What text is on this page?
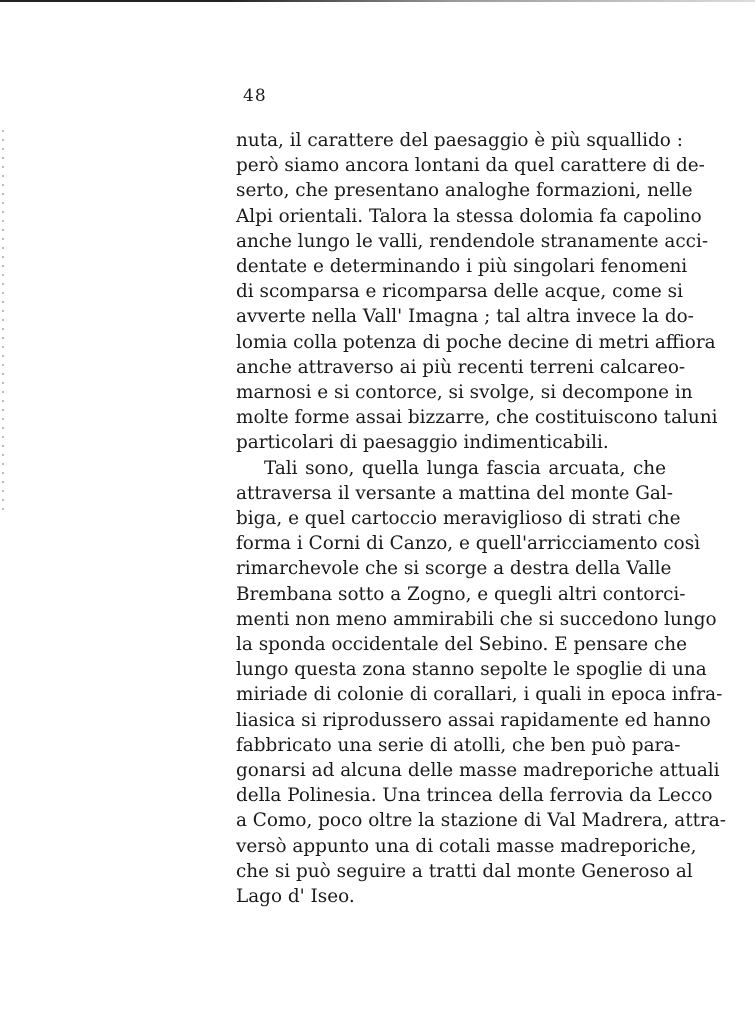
48
nuta, il carattere del paesaggio è più squallido :
però siamo ancora lontani da quel carattere di de-
serto, che presentano analoghe formazioni, nelle
Alpi orientali. Talora la stessa dolomia fa capolino
anche lungo le valli, rendendole stranamente acci-
dentate e determinando i più singolari fenomeni
di scomparsa e ricomparsa delle acque, come si
avverte nella Vall' Imagna ; tal altra invece la do-
lomia colla potenza di poche decine di metri affiora
anche attraverso ai più recenti terreni calcareo-
marnosi e si contorce, si svolge, si decompone in
molte forme assai bizzarre, che costituiscono taluni
particolari di paesaggio indimenticabili.
Tali sono, quella lunga fascia arcuata, che
attraversa il versante a mattina del monte Gal-
biga, e quel cartoccio meraviglioso di strati che
forma i Corni di Canzo, e quell'arricciamento così
rimarchevole che si scorge a destra della Valle
Brembana sotto a Zogno, e quegli altri contorci-
menti non meno ammirabili che si succedono lungo
la sponda occidentale del Sebino. E pensare che
lungo questa zona stanno sepolte le spoglie di una
miriade di colonie di corallari, i quali in epoca infra-
liasica si riprodussero assai rapidamente ed hanno
fabbricato una serie di atolli, che ben può para-
gonarsi ad alcuna delle masse madreporiche attuali
della Polinesia. Una trincea della ferrovia da Lecco
a Como, poco oltre la stazione di Val Madrera, attra-
versò appunto una di cotali masse madreporiche,
che si può seguire a tratti dal monte Generoso al
Lago d' Iseo.
